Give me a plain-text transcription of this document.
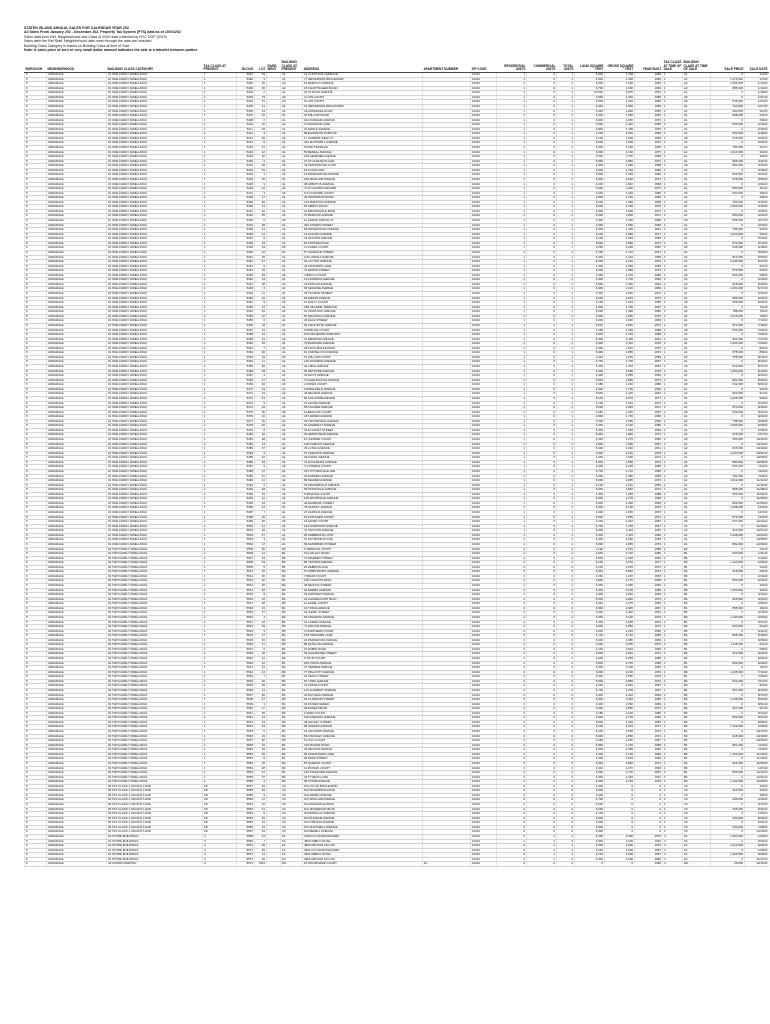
STATEN ISLAND ANNUAL SALES FOR CALENDAR YEAR 202
All Sales From January 202 - December 202. Property Tax System (PTS) data as of 10/01/202
Sales data from Ref, Neighborhood and Class of 2020 data collected by NYC DOF (2019)
Sales after the Ref Staff, Neighborhood date reset through the data are included
Building Class Category is based on Building Class at time of Sale
Note: A sales price of zero or very small dollar amount indicates the sale is a transfer between parties
BOROUGH	NEIGHBORHOOD	BUILDING CLASS CATEGORY	TAX CLASS AT PRESENT	BLOCK	LOT	EASE-MENT	BUILDING CLASS AT PRESENT	ADDRESS	APARTMENT NUMBER	ZIP CODE	RESIDENTIAL UNITS	COMMERCIAL UNITS	TOTAL UNITS	LAND SQUARE FEET	GROSS SQUARE FEET	YEAR BUILT	TAX CLASS AT TIME OF SALE	BUILDING CLASS AT TIME OF SALE	SALE PRICE	SALE DATE
5	ANNADALE	01 ONE FAMILY DWELLINGS	1	5387	49		A1	14 CLINTON B TERRACE		10312	1	0	1	5,000	1,768	1980	1	A1	0	1/2/22
5	ANNADALE	01 ONE FAMILY DWELLINGS	1	5390	4		A1	77 JEFFERSON BOULEVARD		10312	1	0	1	4,000	1,460	1965	1	A1	1,175,000	1/7/22
5	ANNADALE	01 ONE FAMILY DWELLINGS	1	5392	20		A2	51 BARCLAY AVENUE		10312	1	0	1	6,000	1,500	1960	1	A2	1,055,000	1/13/22
5	ANNADALE	01 ONE FAMILY DWELLINGS	1	5400	36		A2	18 CHANTICLEER ROAD		10312	1	0	1	5,700	1,330	1960	1	A2	885,000	1/14/22
5	ANNADALE	01 ONE FAMILY DWELLINGS	1	5403	2		A1	26 STROUD AVENUE		10312	1	0	1	10,000	2,025	1940	1	A1	0	1/18/22
5	ANNADALE	01 ONE FAMILY DWELLINGS	1	5404	73		A5	4 LION COURT		10312	1	0	1	2,500	1,320	1980	1	A5	0	1/21/22
5	ANNADALE	01 ONE FAMILY DWELLINGS	1	5404	76		A5	8 LION COURT		10312	1	0	1	2,500	1,320	1980	1	A5	545,000	1/24/22
5	ANNADALE	01 ONE FAMILY DWELLINGS	1	5405	11		A1	15 JEFFERSON BOULEVARD		10312	1	0	1	4,000	1,660	1965	1	A1	720,000	1/27/22
5	ANNADALE	01 ONE FAMILY DWELLINGS	1	5406	14		A1	43 ANNADALE ROAD		10312	1	0	1	5,340	1,800	1950	1	A1	630,000	2/1/22
5	ANNADALE	01 ONE FAMILY DWELLINGS	1	5407	23		A1	36 WILLOW ROAD		10312	1	0	1	4,200	1,650	1960	1	A1	698,000	2/3/22
5	ANNADALE	01 ONE FAMILY DWELLINGS	1	5408	6		A1	162 DUNHAM AVENUE		10312	1	0	1	6,000	2,050	1970	1	A1	0	2/8/22
5	ANNADALE	01 ONE FAMILY DWELLINGS	1	5410	15		A2	6 OAKWOOD LANE		10312	1	0	1	5,500	1,440	1965	1	A2	849,000	2/10/22
5	ANNADALE	01 ONE FAMILY DWELLINGS	1	5411	32		A1	22 MAPLE AVENUE		10312	1	0	1	4,800	1,780	1975	1	A1	0	2/15/22
5	ANNADALE	01 ONE FAMILY DWELLINGS	1	5412	4		A1	88 ELMWOOD PARK DR		10312	1	0	1	7,200	2,300	1985	1	A1	950,000	2/18/22
5	ANNADALE	01 ONE FAMILY DWELLINGS	1	5413	40		A5	17 HARBOR VIEW CT		10312	1	0	1	2,100	1,200	1990	1	A5	515,000	2/22/22
5	ANNADALE	01 ONE FAMILY DWELLINGS	1	5414	8		A1	310 SHOTWELL AVENUE		10312	1	0	1	5,000	1,900	1970	1	A1	0	2/25/22
5	ANNADALE	01 ONE FAMILY DWELLINGS	1	5415	21		A2	9 PINE TERRACE		10312	1	0	1	4,000	1,350	1960	1	A2	780,000	3/1/22
5	ANNADALE	01 ONE FAMILY DWELLINGS	1	5416	12		A1	55 BEDELL AVENUE		10312	1	0	1	6,300	2,100	1975	1	A1	1,010,000	3/4/22
5	ANNADALE	01 ONE FAMILY DWELLINGS	1	5418	30		A1	140 GENESEE AVENUE		10312	1	0	1	4,500	1,700	1965	1	A1	0	3/9/22
5	ANNADALE	01 ONE FAMILY DWELLINGS	1	5420	2		A1	27 ST ALBANS PLACE		10312	1	0	1	5,000	1,850	1970	1	A1	865,000	3/11/22
5	ANNADALE	01 ONE FAMILY DWELLINGS	1	5421	18		A5	44 KENSINGTON LOOP		10312	1	0	1	2,400	1,280	1988	1	A5	560,000	3/16/22
5	ANNADALE	01 ONE FAMILY DWELLINGS	1	5422	51		A1	63 ILYSSA WAY		10312	1	0	1	4,000	1,760	1980	1	A1	0	3/18/22
5	ANNADALE	01 ONE FAMILY DWELLINGS	1	5423	7		A2	12 EDGEGROVE AVENUE		10312	1	0	1	5,600	1,420	1960	1	A2	825,000	3/23/22
5	ANNADALE	01 ONE FAMILY DWELLINGS	1	5424	26		A1	208 SINCLAIR AVENUE		10312	1	0	1	6,000	2,000	1972	1	A1	975,000	3/25/22
5	ANNADALE	01 ONE FAMILY DWELLINGS	1	5425	9		A1	38 ARBUTUS AVENUE		10312	1	0	1	4,200	1,640	1968	1	A1	0	3/30/22
5	ANNADALE	01 ONE FAMILY DWELLINGS	1	5426	44		A1	71 HYLAN BOULEVARD		10312	1	0	1	5,000	1,900	1975	1	A1	890,000	4/1/22
5	ANNADALE	01 ONE FAMILY DWELLINGS	1	5427	3		A5	5 SYCAMORE COURT		10312	1	0	1	2,200	1,240	1986	1	A5	540,000	4/6/22
5	ANNADALE	01 ONE FAMILY DWELLINGS	1	5428	17		A1	29 WOODROW ROAD		10312	1	0	1	4,800	1,720	1965	1	A1	0	4/8/22
5	ANNADALE	01 ONE FAMILY DWELLINGS	1	5429	60		A2	142 PRESTON AVENUE		10312	1	0	1	5,200	1,380	1958	1	A2	760,000	4/12/22
5	ANNADALE	01 ONE FAMILY DWELLINGS	1	5430	11		A1	90 AMBOY ROAD		10312	1	0	1	6,500	2,150	1978	1	A1	1,090,000	4/15/22
5	ANNADALE	01 ONE FAMILY DWELLINGS	1	5431	22		A1	16 DRUMGOOLE BLVD		10312	1	0	1	4,000	1,600	1970	1	A1	0	4/20/22
5	ANNADALE	01 ONE FAMILY DWELLINGS	1	5432	35		A1	47 BARLOW AVENUE		10312	1	0	1	5,000	1,830	1972	1	A1	880,000	4/22/22
5	ANNADALE	01 ONE FAMILY DWELLINGS	1	5433	6		A5	11 CEDAR GROVE CT		10312	1	0	1	2,300	1,260	1989	1	A5	555,000	4/27/22
5	ANNADALE	01 ONE FAMILY DWELLINGS	1	5434	28		A1	203 JANSEN STREET		10312	1	0	1	4,600	1,690	1966	1	A1	0	4/29/22
5	ANNADALE	01 ONE FAMILY DWELLINGS	1	5435	14		A2	68 RIDGEWOOD AVENUE		10312	1	0	1	5,300	1,400	1961	1	A2	795,000	5/3/22
5	ANNADALE	01 ONE FAMILY DWELLINGS	1	5436	41		A1	19 HOLTEN AVENUE		10312	1	0	1	6,100	2,080	1977	1	A1	1,020,000	5/6/22
5	ANNADALE	01 ONE FAMILY DWELLINGS	1	5437	5		A1	34 STATION AVENUE		10312	1	0	1	4,100	1,620	1969	1	A1	0	5/10/22
5	ANNADALE	01 ONE FAMILY DWELLINGS	1	5438	19		A1	82 FOSTER ROAD		10312	1	0	1	5,000	1,880	1974	1	A1	870,000	5/13/22
5	ANNADALE	01 ONE FAMILY DWELLINGS	1	5439	33		A5	3 LAUREL COURT		10312	1	0	1	2,250	1,230	1987	1	A5	548,000	5/18/22
5	ANNADALE	01 ONE FAMILY DWELLINGS	1	5440	10		A1	57 OAKDALE STREET		10312	1	0	1	4,700	1,710	1967	1	A1	0	5/20/22
5	ANNADALE	01 ONE FAMILY DWELLINGS	1	5441	25		A2	115 LAMOKA AVENUE		10312	1	0	1	5,400	1,410	1959	1	A2	810,000	5/25/22
5	ANNADALE	01 ONE FAMILY DWELLINGS	1	5442	47		A1	26 LAYTON AVENUE		10312	1	0	1	6,200	2,120	1979	1	A1	1,045,000	5/27/22
5	ANNADALE	01 ONE FAMILY DWELLINGS	1	5443	8		A1	49 GIFFORDS LANE		10312	1	0	1	4,300	1,650	1968	1	A1	0	6/1/22
5	ANNADALE	01 ONE FAMILY DWELLINGS	1	5444	16		A1	74 EDWIN STREET		10312	1	0	1	5,000	1,860	1973	1	A1	875,000	6/3/22
5	ANNADALE	01 ONE FAMILY DWELLINGS	1	5445	29		A5	7 BIRCH COURT		10312	1	0	1	2,350	1,270	1990	1	A5	562,000	6/8/22
5	ANNADALE	01 ONE FAMILY DWELLINGS	1	5446	13		A1	131 RAMONA AVENUE		10312	1	0	1	4,900	1,730	1966	1	A1	0	6/10/22
5	ANNADALE	01 ONE FAMILY DWELLINGS	1	5447	38		A2	24 POPLAR AVENUE		10312	1	0	1	5,500	1,430	1962	1	A2	818,000	6/15/22
5	ANNADALE	01 ONE FAMILY DWELLINGS	1	5448	4		A1	93 SEGUINE AVENUE		10312	1	0	1	6,400	2,140	1980	1	A1	1,060,000	6/17/22
5	ANNADALE	01 ONE FAMILY DWELLINGS	1	5449	21		A1	40 TILLMAN STREET		10312	1	0	1	4,400	1,660	1970	1	A1	0	6/22/22
5	ANNADALE	01 ONE FAMILY DWELLINGS	1	5450	32		A1	66 WIMAN AVENUE		10312	1	0	1	5,000	1,870	1975	1	A1	885,000	6/24/22
5	ANNADALE	01 ONE FAMILY DWELLINGS	1	5451	9		A5	12 HOLLY COURT		10312	1	0	1	2,150	1,210	1985	1	A5	538,000	6/29/22
5	ANNADALE	01 ONE FAMILY DWELLINGS	1	5452	27		A1	158 HILLSIDE TERRACE		10312	1	0	1	4,600	1,700	1967	1	A1	0	7/1/22
5	ANNADALE	01 ONE FAMILY DWELLINGS	1	5453	15		A2	31 WHITLOCK AVENUE		10312	1	0	1	5,200	1,390	1960	1	A2	788,000	7/6/22
5	ANNADALE	01 ONE FAMILY DWELLINGS	1	5454	42		A1	87 MAGNOLIA AVENUE		10312	1	0	1	6,000	2,060	1976	1	A1	1,015,000	7/8/22
5	ANNADALE	01 ONE FAMILY DWELLINGS	1	5455	6		A1	23 HALE STREET		10312	1	0	1	4,200	1,630	1969	1	A1	0	7/13/22
5	ANNADALE	01 ONE FAMILY DWELLINGS	1	5456	18		A1	52 LAFAYETTE AVENUE		10312	1	0	1	5,000	1,840	1972	1	A1	872,000	7/15/22
5	ANNADALE	01 ONE FAMILY DWELLINGS	1	5457	31		A5	9 SPRUCE COURT		10312	1	0	1	2,280	1,250	1988	1	A5	551,000	7/20/22
5	ANNADALE	01 ONE FAMILY DWELLINGS	1	5458	12		A1	104 RICHMOND PARKWAY		10312	1	0	1	4,800	1,720	1968	1	A1	0	7/22/22
5	ANNADALE	01 ONE FAMILY DWELLINGS	1	5459	24		A2	37 MEMPHIS AVENUE		10312	1	0	1	5,300	1,405	1961	1	A2	802,000	7/27/22
5	ANNADALE	01 ONE FAMILY DWELLINGS	1	5460	45		A1	79 BARNARD AVENUE		10312	1	0	1	6,300	2,110	1978	1	A1	1,035,000	7/29/22
5	ANNADALE	01 ONE FAMILY DWELLINGS	1	5461	7		A1	28 KOCH BOULEVARD		10312	1	0	1	4,300	1,645	1970	1	A1	0	8/3/22
5	ANNADALE	01 ONE FAMILY DWELLINGS	1	5462	20		A1	61 CORTELYOU AVENUE		10312	1	0	1	5,000	1,855	1974	1	A1	878,000	8/5/22
5	ANNADALE	01 ONE FAMILY DWELLINGS	1	5463	34		A5	15 WILLOW COURT		10312	1	0	1	2,320	1,265	1989	1	A5	558,000	8/10/22
5	ANNADALE	01 ONE FAMILY DWELLINGS	1	5464	11		A1	146 RATHBUN AVENUE		10312	1	0	1	4,700	1,705	1967	1	A1	0	8/12/22
5	ANNADALE	01 ONE FAMILY DWELLINGS	1	5465	26		A2	42 VIELE AVENUE		10312	1	0	1	5,400	1,415	1963	1	A2	812,000	8/17/22
5	ANNADALE	01 ONE FAMILY DWELLINGS	1	5466	48		A1	95 RETFORD AVENUE		10312	1	0	1	6,200	2,095	1979	1	A1	1,050,000	8/19/22
5	ANNADALE	01 ONE FAMILY DWELLINGS	1	5467	3		A1	33 ELIOT AVENUE		10312	1	0	1	4,400	1,655	1969	1	A1	0	8/24/22
5	ANNADALE	01 ONE FAMILY DWELLINGS	1	5468	17		A1	70 DARLINGTON AVENUE		10312	1	0	1	5,000	1,865	1973	1	A1	882,000	8/26/22
5	ANNADALE	01 ONE FAMILY DWELLINGS	1	5469	30		A5	2 ASPEN COURT		10312	1	0	1	2,180	1,220	1986	1	A5	542,000	8/31/22
5	ANNADALE	01 ONE FAMILY DWELLINGS	1	5470	14		A1	119 BELFIELD AVENUE		10312	1	0	1	4,900	1,735	1966	1	A1	0	9/2/22
5	ANNADALE	01 ONE FAMILY DWELLINGS	1	5471	23		A2	46 DELMAR AVENUE		10312	1	0	1	5,500	1,425	1962	1	A2	820,000	9/7/22
5	ANNADALE	01 ONE FAMILY DWELLINGS	1	5472	43		A1	84 HOLCOMB AVENUE		10312	1	0	1	6,100	2,070	1977	1	A1	1,025,000	9/9/22
5	ANNADALE	01 ONE FAMILY DWELLINGS	1	5473	5		A1	21 ALVINE AVENUE		10312	1	0	1	4,100	1,615	1970	1	A1	0	9/14/22
5	ANNADALE	01 ONE FAMILY DWELLINGS	1	5474	19		A1	58 KILDARE AVENUE		10312	1	0	1	5,000	1,845	1972	1	A1	870,000	9/16/22
5	ANNADALE	01 ONE FAMILY DWELLINGS	1	5475	36		A5	6 HEMLOCK COURT		10312	1	0	1	2,260	1,245	1987	1	A5	549,000	9/21/22
5	ANNADALE	01 ONE FAMILY DWELLINGS	1	5476	10		A1	137 ARDEN AVENUE		10312	1	0	1	4,800	1,715	1968	1	A1	0	9/23/22
5	ANNADALE	01 ONE FAMILY DWELLINGS	1	5477	25		A2	39 CROSSFIELD AVENUE		10312	1	0	1	5,300	1,395	1960	1	A2	798,000	9/28/22
5	ANNADALE	01 ONE FAMILY DWELLINGS	1	5478	46		A1	91 LEVERETT AVENUE		10312	1	0	1	6,400	2,130	1980	1	A1	1,055,000	9/30/22
5	ANNADALE	01 ONE FAMILY DWELLINGS	1	5479	8		A1	30 EYLANDT STREET		10312	1	0	1	4,300	1,640	1969	1	A1	0	10/5/22
5	ANNADALE	01 ONE FAMILY DWELLINGS	1	5480	16		A1	64 HEMPSTEAD AVENUE		10312	1	0	1	5,000	1,860	1974	1	A1	876,000	10/7/22
5	ANNADALE	01 ONE FAMILY DWELLINGS	1	5481	28		A5	10 JUNIPER COURT		10312	1	0	1	2,340	1,275	1990	1	A5	560,000	10/12/22
5	ANNADALE	01 ONE FAMILY DWELLINGS	1	5482	13		A1	128 DUMONT AVENUE		10312	1	0	1	4,600	1,695	1967	1	A1	0	10/14/22
5	ANNADALE	01 ONE FAMILY DWELLINGS	1	5483	37		A2	45 LUTEN AVENUE		10312	1	0	1	5,400	1,420	1961	1	A2	815,000	10/19/22
5	ANNADALE	01 ONE FAMILY DWELLINGS	1	5484	4		A1	97 SHELDON AVENUE		10312	1	0	1	6,300	2,120	1978	1	A1	1,040,000	10/21/22
5	ANNADALE	01 ONE FAMILY DWELLINGS	1	5485	22		A1	26 KATAN AVENUE		10312	1	0	1	4,200	1,635	1970	1	A1	0	10/26/22
5	ANNADALE	01 ONE FAMILY DWELLINGS	1	5486	33		A1	72 HUGUENOT AVENUE		10312	1	0	1	5,000	1,850	1973	1	A1	880,000	10/28/22
5	ANNADALE	01 ONE FAMILY DWELLINGS	1	5487	9		A5	4 CYPRESS COURT		10312	1	0	1	2,200	1,225	1985	1	A5	544,000	11/2/22
5	ANNADALE	01 ONE FAMILY DWELLINGS	1	5488	27		A1	151 TOTTENVILLE AVE		10312	1	0	1	4,700	1,710	1966	1	A1	0	11/4/22
5	ANNADALE	01 ONE FAMILY DWELLINGS	1	5489	15		A2	35 HAMDEN AVENUE		10312	1	0	1	5,200	1,385	1959	1	A2	792,000	11/9/22
5	ANNADALE	01 ONE FAMILY DWELLINGS	1	5490	41		A1	89 SEAVER AVENUE		10312	1	0	1	6,000	2,065	1976	1	A1	1,012,000	11/11/22
5	ANNADALE	01 ONE FAMILY DWELLINGS	1	5491	6		A1	25 WAINWRIGHT AVENUE		10312	1	0	1	4,100	1,610	1969	1	A1	0	11/16/22
5	ANNADALE	01 ONE FAMILY DWELLINGS	1	5492	18		A1	55 ROSSVILLE AVENUE		10312	1	0	1	5,000	1,840	1972	1	A1	868,000	11/18/22
5	ANNADALE	01 ONE FAMILY DWELLINGS	1	5493	31		A5	8 SEQUOIA COURT		10312	1	0	1	2,300	1,255	1988	1	A5	553,000	11/23/22
5	ANNADALE	01 ONE FAMILY DWELLINGS	1	5494	12		A1	108 WOODVALE AVENUE		10312	1	0	1	4,800	1,725	1968	1	A1	0	11/25/22
5	ANNADALE	01 ONE FAMILY DWELLINGS	1	5495	24		A2	36 ELMBANK STREET		10312	1	0	1	5,300	1,400	1960	1	A2	800,000	11/30/22
5	ANNADALE	01 ONE FAMILY DWELLINGS	1	5496	44		A1	78 GURLEY AVENUE		10312	1	0	1	6,200	2,100	1979	1	A1	1,038,000	12/2/22
5	ANNADALE	01 ONE FAMILY DWELLINGS	1	5497	7		A1	27 HAROLD AVENUE		10312	1	0	1	4,300	1,650	1970	1	A1	0	12/7/22
5	ANNADALE	01 ONE FAMILY DWELLINGS	1	5498	20		A1	62 KATHLEEN COURT		10312	1	0	1	5,000	1,855	1974	1	A1	879,000	12/9/22
5	ANNADALE	01 ONE FAMILY DWELLINGS	1	5499	35		A5	14 ALDER COURT		10312	1	0	1	2,240	1,240	1987	1	A5	547,000	12/14/22
5	ANNADALE	01 ONE FAMILY DWELLINGS	1	5500	11		A1	143 NORWOOD AVENUE		10312	1	0	1	4,700	1,705	1967	1	A1	0	12/16/22
5	ANNADALE	01 ONE FAMILY DWELLINGS	1	5501	26		A2	41 OSGOOD AVENUE		10312	1	0	1	5,400	1,410	1962	1	A2	810,000	12/21/22
5	ANNADALE	01 ONE FAMILY DWELLINGS	1	5502	47		A1	94 PEMBROOK LOOP		10312	1	0	1	6,300	2,115	1980	1	A1	1,048,000	12/23/22
5	ANNADALE	01 ONE FAMILY DWELLINGS	1	5503	3		A1	31 RAYMOND PLACE		10312	1	0	1	4,400	1,660	1969	1	A1	0	12/28/22
5	ANNADALE	01 ONE FAMILY DWELLINGS	1	5504	17		A1	69 SANDBORN STREET		10312	1	0	1	5,000	1,865	1973	1	A1	881,000	12/30/22
5	ANNADALE	02 TWO FAMILY DWELLINGS	1	5505	30		B2	5 TERRACE COURT		10312	2	0	2	2,190	2,215	1986	1	B2	0	1/4/22
5	ANNADALE	02 TWO FAMILY DWELLINGS	1	5506	14		B1	121 VALLEY ROAD		10312	2	0	2	4,900	2,730	1966	1	B1	840,000	1/11/22
5	ANNADALE	02 TWO FAMILY DWELLINGS	1	5507	23		B2	47 WARREN STREET		10312	2	0	2	5,500	2,425	1962	1	B2	0	1/19/22
5	ANNADALE	02 TWO FAMILY DWELLINGS	1	5508	43		B3	86 YETMAN AVENUE		10312	2	0	2	6,100	3,070	1977	1	B3	1,120,000	1/26/22
5	ANNADALE	02 TWO FAMILY DWELLINGS	1	5509	5		B1	20 ZEBRA PLACE		10312	2	0	2	4,100	2,615	1970	1	B1	0	2/2/22
5	ANNADALE	02 TWO FAMILY DWELLINGS	1	5510	19		B2	57 ARMSTRONG AVENUE		10312	2	0	2	5,000	2,845	1972	1	B2	915,000	2/9/22
5	ANNADALE	02 TWO FAMILY DWELLINGS	1	5511	36		B3	7 BRIAR COURT		10312	2	0	2	2,260	2,245	1987	1	B3	0	2/16/22
5	ANNADALE	02 TWO FAMILY DWELLINGS	1	5512	10		B1	138 CARLTON BLVD		10312	2	0	2	4,800	2,715	1968	1	B1	862,000	2/23/22
5	ANNADALE	02 TWO FAMILY DWELLINGS	1	5513	25		B2	38 DEISIUS STREET		10312	2	0	2	5,300	2,395	1960	1	B2	0	3/2/22
5	ANNADALE	02 TWO FAMILY DWELLINGS	1	5514	46		B3	92 EMMET AVENUE		10312	2	0	2	6,400	3,130	1980	1	B3	1,150,000	3/9/22
5	ANNADALE	02 TWO FAMILY DWELLINGS	1	5515	8		B1	29 FAIRVIEW AVENUE		10312	2	0	2	4,300	2,640	1969	1	B1	0	3/16/22
5	ANNADALE	02 TWO FAMILY DWELLINGS	1	5516	16		B2	63 GANSEVOORT BLVD		10312	2	0	2	5,000	2,860	1974	1	B2	925,000	3/23/22
5	ANNADALE	02 TWO FAMILY DWELLINGS	1	5517	28		B3	11 HAZEL COURT		10312	2	0	2	2,340	2,275	1990	1	B3	0	3/30/22
5	ANNADALE	02 TWO FAMILY DWELLINGS	1	5518	13		B1	127 IONIA AVENUE		10312	2	0	2	4,600	2,695	1967	1	B1	855,000	4/6/22
5	ANNADALE	02 TWO FAMILY DWELLINGS	1	5519	37		B2	44 JUMEL STREET		10312	2	0	2	5,400	2,420	1961	1	B2	0	4/13/22
5	ANNADALE	02 TWO FAMILY DWELLINGS	1	5520	4		B3	96 KINGDOM AVENUE		10312	2	0	2	6,300	3,120	1978	1	B3	1,140,000	4/20/22
5	ANNADALE	02 TWO FAMILY DWELLINGS	1	5521	22		B1	24 LINDEN AVENUE		10312	2	0	2	4,200	2,635	1970	1	B1	0	4/27/22
5	ANNADALE	02 TWO FAMILY DWELLINGS	1	5522	33		B2	71 MACON AVENUE		10312	2	0	2	5,000	2,850	1973	1	B2	920,000	5/4/22
5	ANNADALE	02 TWO FAMILY DWELLINGS	1	5523	9		B3	3 NORTHERN COURT		10312	2	0	2	2,200	2,225	1985	1	B3	0	5/11/22
5	ANNADALE	02 TWO FAMILY DWELLINGS	1	5524	27		B1	150 ORCHARD LANE		10312	2	0	2	4,700	2,710	1966	1	B1	858,000	5/18/22
5	ANNADALE	02 TWO FAMILY DWELLINGS	1	5525	15		B2	34 PARKWOOD AVENUE		10312	2	0	2	5,200	2,385	1959	1	B2	0	5/25/22
5	ANNADALE	02 TWO FAMILY DWELLINGS	1	5526	41		B3	88 QUINLAN AVENUE		10312	2	0	2	6,000	3,065	1976	1	B3	1,118,000	6/1/22
5	ANNADALE	02 TWO FAMILY DWELLINGS	1	5527	6		B1	22 ROBIN ROAD		10312	2	0	2	4,100	2,610	1969	1	B1	0	6/8/22
5	ANNADALE	02 TWO FAMILY DWELLINGS	1	5528	18		B2	56 SAGAMORE STREET		10312	2	0	2	5,000	2,840	1972	1	B2	912,000	6/15/22
5	ANNADALE	02 TWO FAMILY DWELLINGS	1	5529	31		B3	9 TULIP COURT		10312	2	0	2	2,300	2,255	1988	1	B3	0	6/22/22
5	ANNADALE	02 TWO FAMILY DWELLINGS	1	5530	12		B1	109 UNION AVENUE		10312	2	0	2	4,800	2,725	1968	1	B1	860,000	6/29/22
5	ANNADALE	02 TWO FAMILY DWELLINGS	1	5531	24		B2	37 VEDDER AVENUE		10312	2	0	2	5,300	2,400	1960	1	B2	0	7/6/22
5	ANNADALE	02 TWO FAMILY DWELLINGS	1	5532	44		B3	77 WALCOTT AVENUE		10312	2	0	2	6,200	3,100	1979	1	B3	1,135,000	7/13/22
5	ANNADALE	02 TWO FAMILY DWELLINGS	1	5533	7		B1	26 XENIA STREET		10312	2	0	2	4,300	2,650	1970	1	B1	0	7/20/22
5	ANNADALE	02 TWO FAMILY DWELLINGS	1	5534	20		B2	60 YORK AVENUE		10312	2	0	2	5,000	2,855	1974	1	B2	922,000	7/27/22
5	ANNADALE	02 TWO FAMILY DWELLINGS	1	5535	35		B3	13 ZINNIA COURT		10312	2	0	2	2,240	2,240	1987	1	B3	0	8/3/22
5	ANNADALE	02 TWO FAMILY DWELLINGS	1	5536	11		B1	144 ACADEMY AVENUE		10312	2	0	2	4,700	2,705	1967	1	B1	857,000	8/10/22
5	ANNADALE	02 TWO FAMILY DWELLINGS	1	5537	26		B2	40 BAYVIEW AVENUE		10312	2	0	2	5,400	2,410	1962	1	B2	0	8/17/22
5	ANNADALE	02 TWO FAMILY DWELLINGS	1	5538	47		B3	93 CLAWSON STREET		10312	2	0	2	6,300	3,115	1980	1	B3	1,145,000	8/24/22
5	ANNADALE	02 TWO FAMILY DWELLINGS	1	5539	3		B1	32 DOVER GREEN		10312	2	0	2	4,400	2,660	1969	1	B1	0	8/31/22
5	ANNADALE	02 TWO FAMILY DWELLINGS	1	5540	17		B2	68 ESSEX DRIVE		10312	2	0	2	5,000	2,865	1973	1	B2	927,000	9/7/22
5	ANNADALE	02 TWO FAMILY DWELLINGS	1	5541	30		B3	1 FERN COURT		10312	2	0	2	2,180	2,220	1986	1	B3	0	9/14/22
5	ANNADALE	02 TWO FAMILY DWELLINGS	1	5542	14		B1	118 GREAVES AVENUE		10312	2	0	2	4,900	2,735	1966	1	B1	863,000	9/21/22
5	ANNADALE	02 TWO FAMILY DWELLINGS	1	5543	23		B2	48 HALSEY STREET		10312	2	0	2	5,500	2,430	1963	1	B2	0	9/28/22
5	ANNADALE	02 TWO FAMILY DWELLINGS	1	5544	43		B3	85 INGRAM AVENUE		10312	2	0	2	6,100	3,075	1977	1	B3	1,122,000	10/5/22
5	ANNADALE	02 TWO FAMILY DWELLINGS	1	5545	5		B1	19 JACQUES AVENUE		10312	2	0	2	4,100	2,605	1970	1	B1	0	10/12/22
5	ANNADALE	02 TWO FAMILY DWELLINGS	1	5546	19		B2	59 KINGSLEY AVENUE		10312	2	0	2	5,000	2,850	1972	1	B2	918,000	10/19/22
5	ANNADALE	02 TWO FAMILY DWELLINGS	1	5547	36		B3	5 LILAC COURT		10312	2	0	2	2,260	2,250	1987	1	B3	0	10/26/22
5	ANNADALE	02 TWO FAMILY DWELLINGS	1	5548	10		B1	135 MANOR ROAD		10312	2	0	2	4,800	2,720	1968	1	B1	861,000	11/2/22
5	ANNADALE	02 TWO FAMILY DWELLINGS	1	5549	25		B2	39 NELSON AVENUE		10312	2	0	2	5,300	2,395	1960	1	B2	0	11/9/22
5	ANNADALE	02 TWO FAMILY DWELLINGS	1	5550	46		B3	90 OCEANVIEW LANE		10312	2	0	2	6,400	3,135	1980	1	B3	1,152,000	11/16/22
5	ANNADALE	02 TWO FAMILY DWELLINGS	1	5551	8		B1	28 PARK STREET		10312	2	0	2	4,300	2,645	1969	1	B1	0	11/23/22
5	ANNADALE	02 TWO FAMILY DWELLINGS	1	5552	16		B2	65 QUEENS COURT		10312	2	0	2	5,000	2,860	1974	1	B2	924,000	11/30/22
5	ANNADALE	02 TWO FAMILY DWELLINGS	1	5553	28		B3	12 ROWAN COURT		10312	2	0	2	2,340	2,270	1990	1	B3	0	12/7/22
5	ANNADALE	02 TWO FAMILY DWELLINGS	1	5554	13		B1	129 STAFFORD AVENUE		10312	2	0	2	4,600	2,700	1967	1	B1	856,000	12/14/22
5	ANNADALE	02 TWO FAMILY DWELLINGS	1	5555	37		B2	43 TYSENS LANE		10312	2	0	2	5,400	2,415	1961	1	B2	0	12/21/22
5	ANNADALE	02 TWO FAMILY DWELLINGS	1	5556	4		B3	98 UTTER AVENUE		10312	2	0	2	6,300	3,125	1978	1	B3	1,142,000	12/28/22
5	ANNADALE	05 TAX CLASS 1 VACANT LAND	1B	5557	22		V0	N/A HYLAN BOULEVARD		10312	0	0	0	4,200	0	0	1	V0	0	1/5/22
5	ANNADALE	05 TAX CLASS 1 VACANT LAND	1B	5558	33		V0	N/A WOODROW ROAD		10312	0	0	0	5,000	0	0	1	V0	310,000	2/3/22
5	ANNADALE	05 TAX CLASS 1 VACANT LAND	1B	5559	9		V0	N/A ARDEN AVENUE		10312	0	0	0	2,200	0	0	1	V0	0	3/8/22
5	ANNADALE	05 TAX CLASS 1 VACANT LAND	1B	5560	27		V0	N/A SINCLAIR AVENUE		10312	0	0	0	4,700	0	0	1	V0	295,000	4/12/22
5	ANNADALE	05 TAX CLASS 1 VACANT LAND	1B	5561	15		V0	N/A ANNADALE ROAD		10312	0	0	0	5,200	0	0	1	V0	0	5/17/22
5	ANNADALE	05 TAX CLASS 1 VACANT LAND	1B	5562	41		V0	N/A JEFFERSON BLVD		10312	0	0	0	6,000	0	0	1	V0	335,000	6/21/22
5	ANNADALE	05 TAX CLASS 1 VACANT LAND	1B	5563	6		V0	N/A BARCLAY AVENUE		10312	0	0	0	4,100	0	0	1	V0	0	7/26/22
5	ANNADALE	05 TAX CLASS 1 VACANT LAND	1B	5564	18		V0	N/A DUNHAM AVENUE		10312	0	0	0	5,000	0	0	1	V0	300,000	8/30/22
5	ANNADALE	05 TAX CLASS 1 VACANT LAND	1B	5565	31		V0	N/A STROUD AVENUE		10312	0	0	0	2,300	0	0	1	V0	0	10/4/22
5	ANNADALE	05 TAX CLASS 1 VACANT LAND	1B	5566	12		V0	N/A SHOTWELL AVENUE		10312	0	0	0	4,800	0	0	1	V0	290,000	11/8/22
5	ANNADALE	05 TAX CLASS 1 VACANT LAND	1B	5567	24		V0	N/A BEDELL AVENUE		10312	0	0	0	5,300	0	0	1	V0	0	12/13/22
5	ANNADALE	22 STORE BUILDINGS	4	5568	44		K1	4795 HYLAN BOULEVARD		10312	0	1	1	6,200	3,400	1975	4	K1	1,450,000	1/20/22
5	ANNADALE	22 STORE BUILDINGS	4	5569	7		K4	4820 AMBOY ROAD		10312	1	2	3	4,300	4,100	1962	4	K4	0	3/24/22
5	ANNADALE	22 STORE BUILDINGS	4	5570	20		K1	4850 ARTHUR KILL RD		10312	0	1	1	5,000	2,900	1970	4	K1	1,210,000	5/26/22
5	ANNADALE	22 STORE BUILDINGS	4	5571	35		K2	4901 HYLAN BOULEVARD		10312	0	3	3	2,240	5,200	1987	4	K2	0	7/28/22
5	ANNADALE	22 STORE BUILDINGS	4	5572	11		K1	4933 AMBOY ROAD		10312	0	1	1	4,700	3,050	1967	4	K1	1,325,000	9/29/22
5	ANNADALE	22 STORE BUILDINGS	4	5573	26		K4	4960 ARTHUR KILL RD		10312	2	1	3	5,400	4,250	1962	4	K4	0	11/17/22
5	ANNADALE	44 CONDO PARKING	4	5574	1001		RG	15 SOUNDVIEW COURT	P1	10312	0	0	0	0	0	1990	4	RG	25,000	12/15/22
